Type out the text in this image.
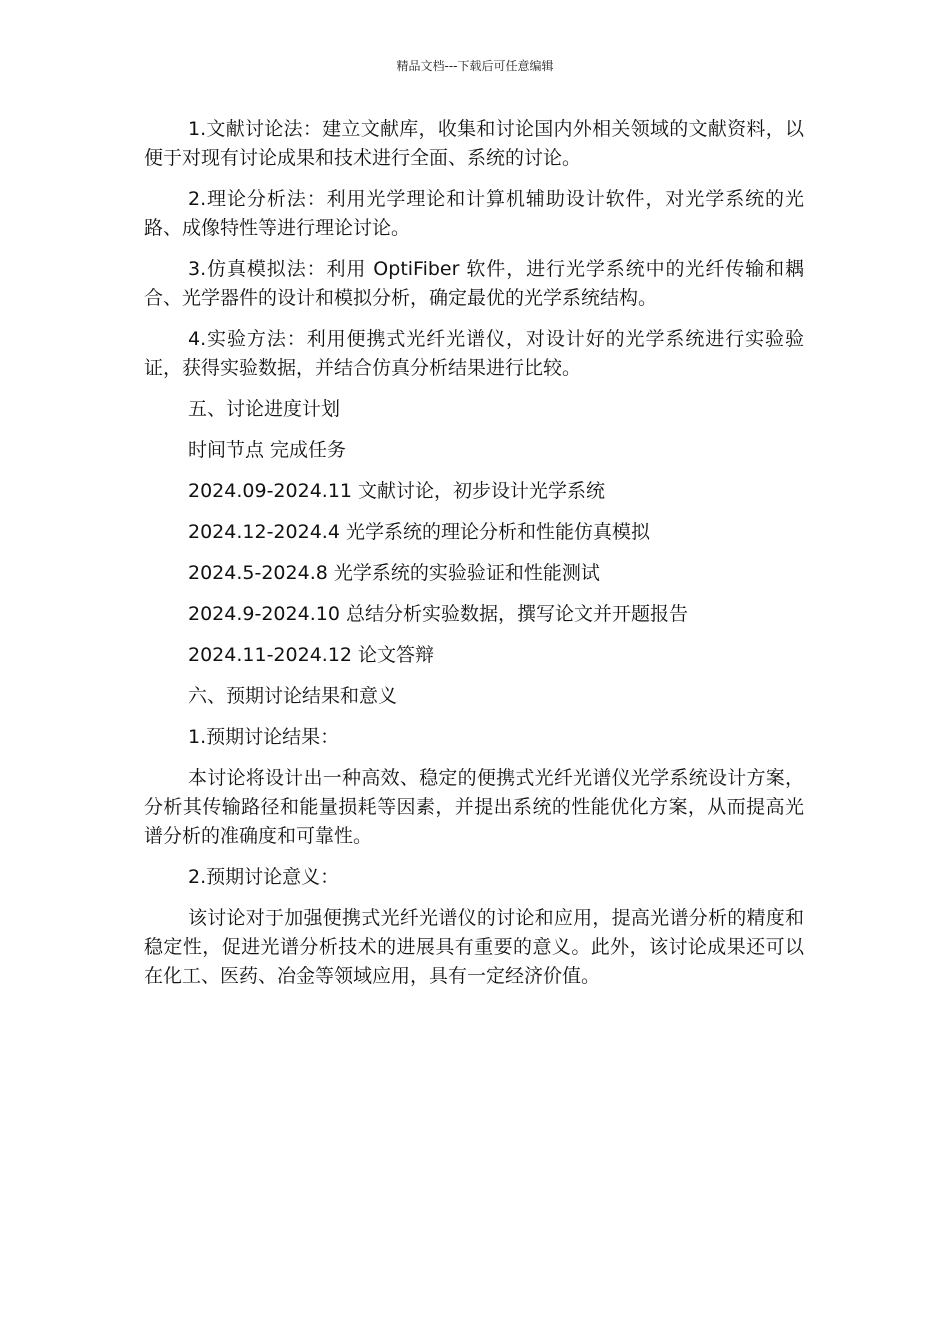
精品文档---下载后可任意编辑

1.文献讨论法：建立文献库，收集和讨论国内外相关领域的文献资料，以便于对现有讨论成果和技术进行全面、系统的讨论。

2.理论分析法：利用光学理论和计算机辅助设计软件，对光学系统的光路、成像特性等进行理论讨论。

3.仿真模拟法：利用 OptiFiber 软件，进行光学系统中的光纤传输和耦合、光学器件的设计和模拟分析，确定最优的光学系统结构。

4.实验方法：利用便携式光纤光谱仪，对设计好的光学系统进行实验验证，获得实验数据，并结合仿真分析结果进行比较。

五、讨论进度计划

时间节点 完成任务

2024.09-2024.11 文献讨论，初步设计光学系统

2024.12-2024.4 光学系统的理论分析和性能仿真模拟

2024.5-2024.8 光学系统的实验验证和性能测试

2024.9-2024.10 总结分析实验数据，撰写论文并开题报告

2024.11-2024.12 论文答辩

六、预期讨论结果和意义

1.预期讨论结果：

本讨论将设计出一种高效、稳定的便携式光纤光谱仪光学系统设计方案，分析其传输路径和能量损耗等因素，并提出系统的性能优化方案，从而提高光谱分析的准确度和可靠性。

2.预期讨论意义：

该讨论对于加强便携式光纤光谱仪的讨论和应用，提高光谱分析的精度和稳定性，促进光谱分析技术的进展具有重要的意义。此外，该讨论成果还可以在化工、医药、冶金等领域应用，具有一定经济价值。
